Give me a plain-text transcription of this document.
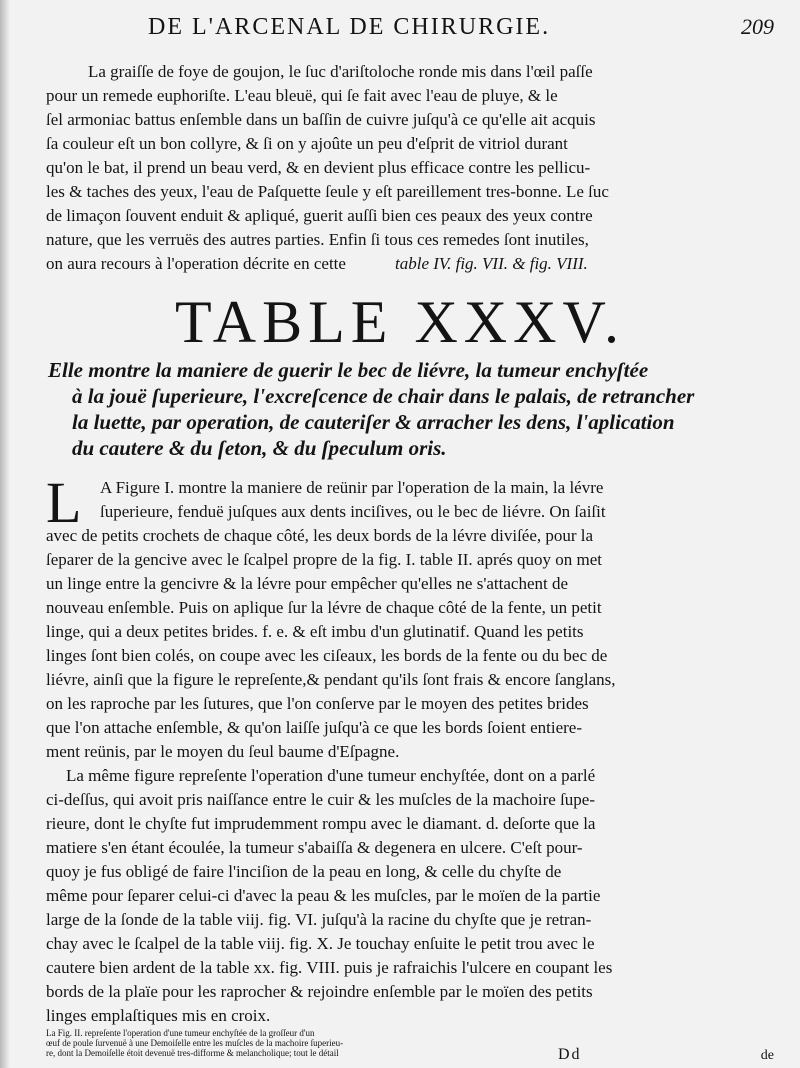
DE L'ARCENAL DE CHIRURGIE.	209
La graiſſe de foye de goujon, le ſuc d'ariſtoloche ronde mis dans l'œil paſſe
pour un remede euphoriſte. L'eau bleuë, qui ſe fait avec l'eau de pluye, & le
ſel armoniac battus enſemble dans un baſſin de cuivre juſqu'à ce qu'elle ait acquis
ſa couleur eſt un bon collyre, & ſi on y ajoûte un peu d'eſprit de vitriol durant
qu'on le bat, il prend un beau verd, & en devient plus efficace contre les pellicu-
les & taches des yeux, l'eau de Paſquette ſeule y eſt pareillement tres-bonne. Le ſuc
de limaçon ſouvent enduit & apliqué, guerit auſſi bien ces peaux des yeux contre
nature, que les verruës des autres parties. Enfin ſi tous ces remedes ſont inutiles,
on aura recours à l'operation décrite en cette	table IV. fig. VII. & fig. VIII.
TABLE XXXV.
Elle montre la maniere de guerir le bec de liévre, la tumeur enchyſtée
à la jouë ſuperieure, l'excreſcence de chair dans le palais, de retrancher
la luette, par operation, de cauteriſer & arracher les dens, l'aplication
du cautere & du ſeton, & du ſpeculum oris.
L A Figure I. montre la maniere de reünir par l'operation de la main, la lévre
ſuperieure, fenduë juſques aux dents inciſives, ou le bec de liévre. On ſaiſit
avec de petits crochets de chaque côté, les deux bords de la lévre diviſée, pour la
ſeparer de la gencive avec le ſcalpel propre de la fig. I. table II. aprés quoy on met
un linge entre la gencivre & la lévre pour empêcher qu'elles ne s'attachent de
nouveau enſemble. Puis on aplique ſur la lévre de chaque côté de la fente, un petit
linge, qui a deux petites brides. f. e. & eſt imbu d'un glutinatif. Quand les petits
linges ſont bien colés, on coupe avec les ciſeaux, les bords de la fente ou du bec de
liévre, ainſi que la figure le repreſente,& pendant qu'ils ſont frais & encore ſanglans,
on les raproche par les ſutures, que l'on conſerve par le moyen des petites brides
que l'on attache enſemble, & qu'on laiſſe juſqu'à ce que les bords ſoient entiere-
ment reünis, par le moyen du ſeul baume d'Eſpagne.
La même figure repreſente l'operation d'une tumeur enchyſtée, dont on a parlé
ci-deſſus, qui avoit pris naiſſance entre le cuir & les muſcles de la machoire ſupe-
rieure, dont le chyſte fut imprudemment rompu avec le diamant. d. deſorte que la
matiere s'en étant écoulée, la tumeur s'abaiſſa & degenera en ulcere. C'eſt pour-
quoy je fus obligé de faire l'inciſion de la peau en long, & celle du chyſte de
même pour ſeparer celui-ci d'avec la peau & les muſcles, par le moïen de la partie
large de la ſonde de la table viij. fig. VI. juſqu'à la racine du chyſte que je retran-
chay avec le ſcalpel de la table viij. fig. X. Je touchay enſuite le petit trou avec le
cautere bien ardent de la table xx. fig. VIII. puis je rafraichis l'ulcere en coupant les
bords de la plaïe pour les raprocher & rejoindre enſemble par le moïen des petits
linges emplaſtiques mis en croix.
Dd	de
La Fig. II. repreſente l'operation d'une tumeur enchyſtée de la groſſeur d'un
œuf de poule ſurvenuë à une Demoiſelle entre les muſcles de la machoire ſuperieu-
re, dont la Demoiſelle étoit devenuë tres-difforme & melancholique; tout le détail
